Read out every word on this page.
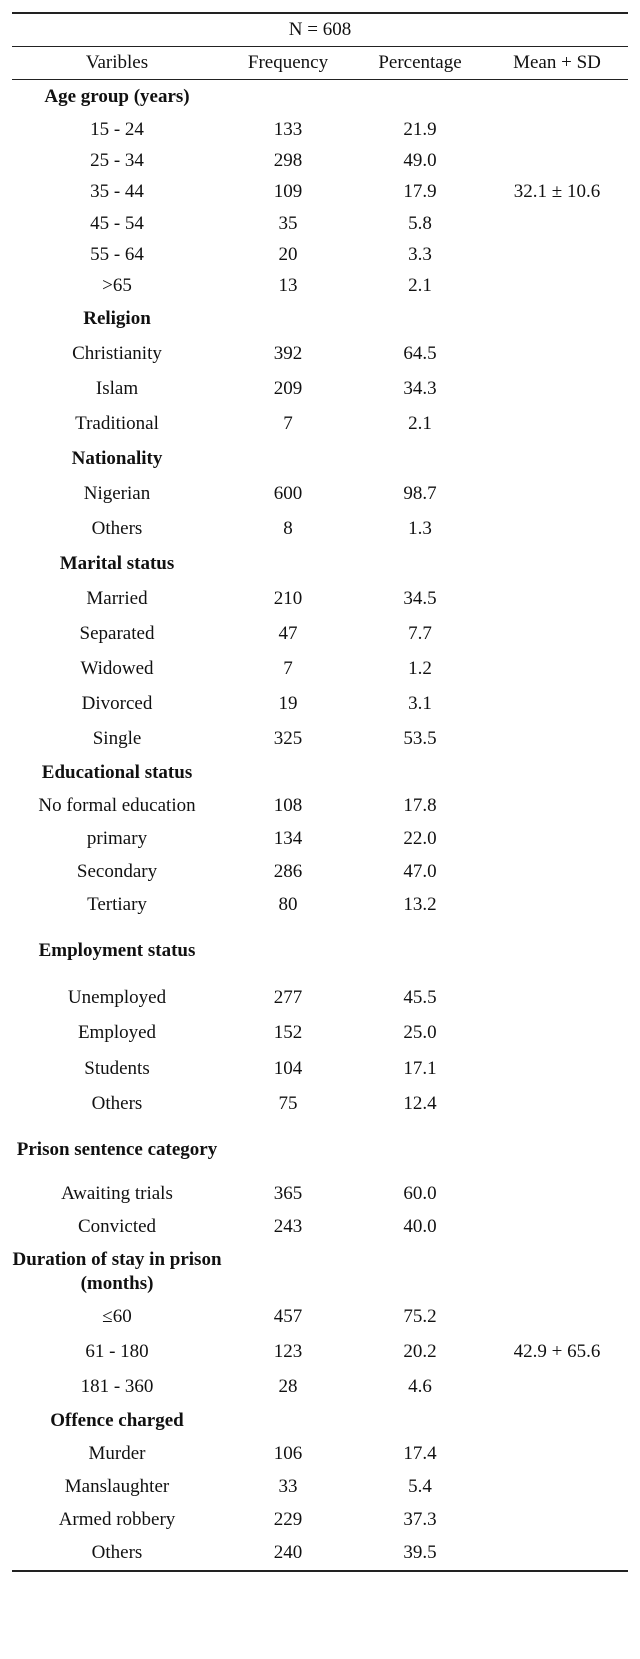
N = 608			
Varibles	Frequency	Percentage	Mean + SD
Age group (years)			
15 - 24	133	21.9	
25 - 34	298	49.0	
35 - 44	109	17.9	32.1 ± 10.6
45 - 54	35	5.8	
55 - 64	20	3.3	
>65	13	2.1	
Religion			
Christianity	392	64.5	
Islam	209	34.3	
Traditional	7	2.1	
Nationality			
Nigerian	600	98.7	
Others	8	1.3	
Marital status			
Married	210	34.5	
Separated	47	7.7	
Widowed	7	1.2	
Divorced	19	3.1	
Single	325	53.5	
Educational status			
No formal education	108	17.8	
primary	134	22.0	
Secondary	286	47.0	
Tertiary	80	13.2	
Employment status			
Unemployed	277	45.5	
Employed	152	25.0	
Students	104	17.1	
Others	75	12.4	
Prison sentence category			
Awaiting trials	365	60.0	
Convicted	243	40.0	
Duration of stay in prison (months)			
≤60	457	75.2	
61 - 180	123	20.2	42.9 + 65.6
181 - 360	28	4.6	
Offence charged			
Murder	106	17.4	
Manslaughter	33	5.4	
Armed robbery	229	37.3	
Others	240	39.5	
